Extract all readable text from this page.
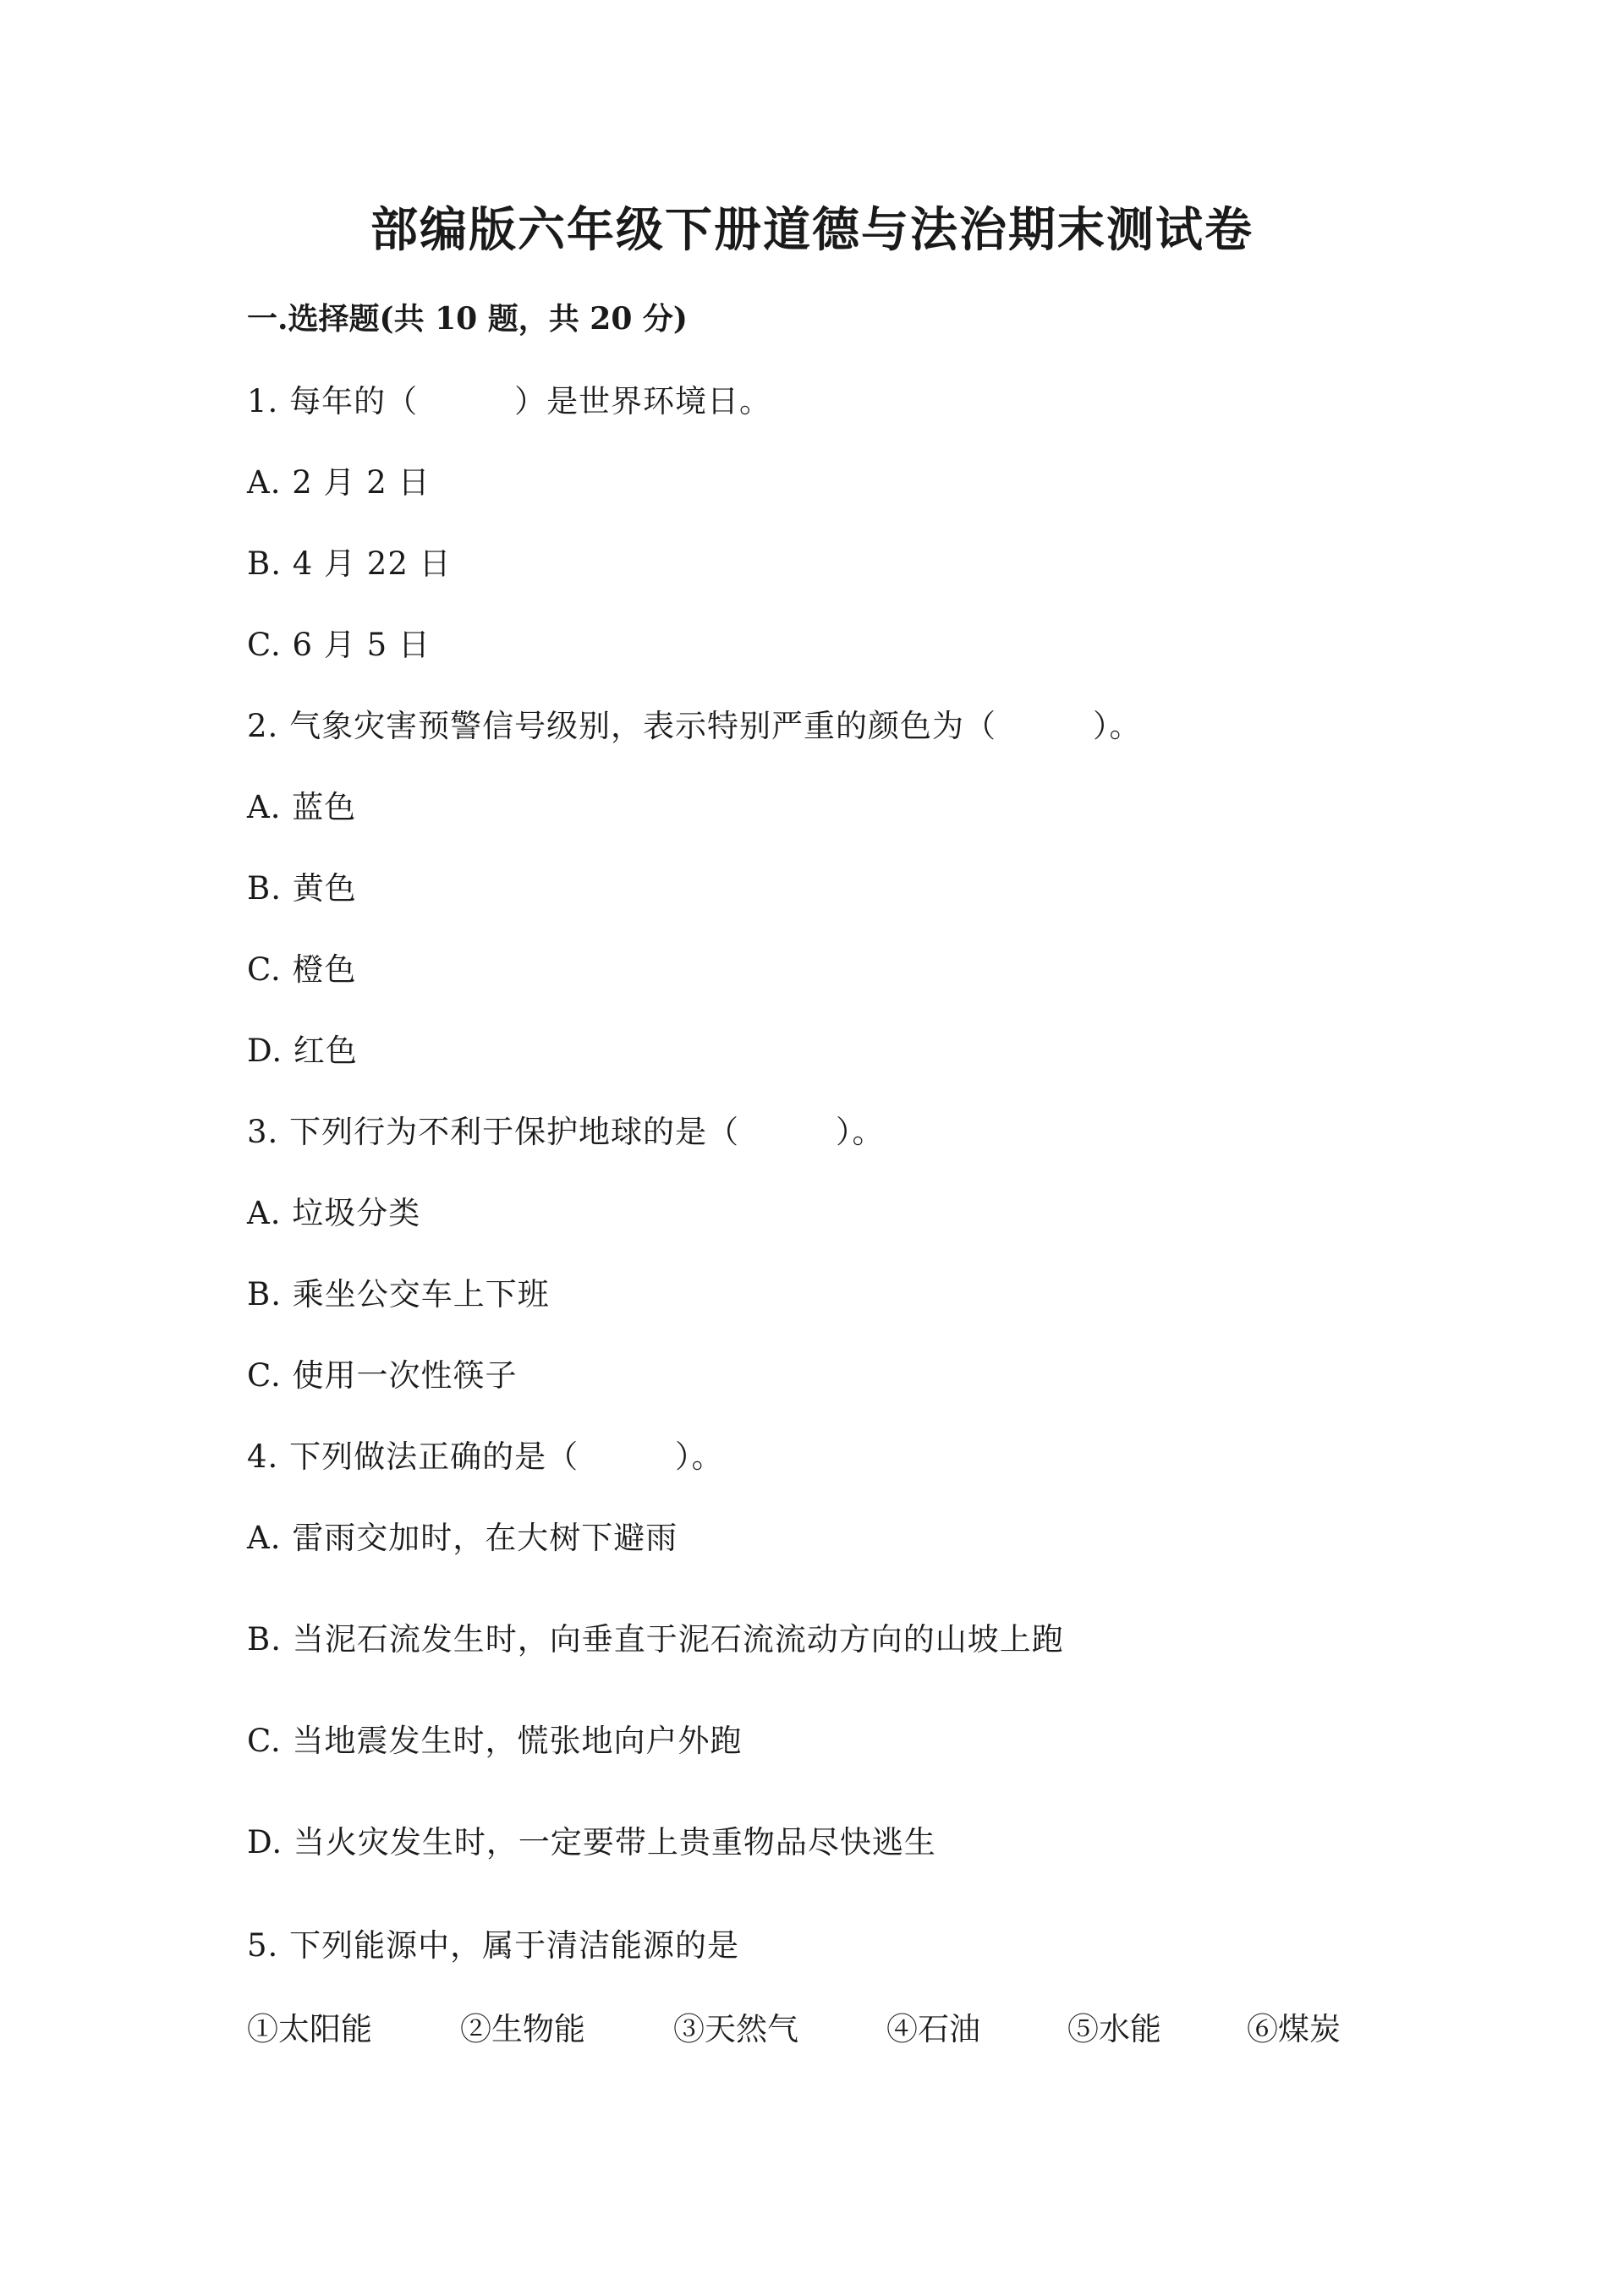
部编版六年级下册道德与法治期末测试卷
一.选择题(共 10 题，共 20 分)
1. 每年的（　　　）是世界环境日。
A. 2 月 2 日
B. 4 月 22 日
C. 6 月 5 日
2. 气象灾害预警信号级别，表示特别严重的颜色为（　　　）。
A. 蓝色
B. 黄色
C. 橙色
D. 红色
3. 下列行为不利于保护地球的是（　　　）。
A. 垃圾分类
B. 乘坐公交车上下班
C. 使用一次性筷子
4. 下列做法正确的是（　　　）。
A. 雷雨交加时，在大树下避雨
B. 当泥石流发生时，向垂直于泥石流流动方向的山坡上跑
C. 当地震发生时，慌张地向户外跑
D. 当火灾发生时，一定要带上贵重物品尽快逃生
5. 下列能源中，属于清洁能源的是
①太阳能	②生物能	③天然气	④石油	⑤水能	⑥煤炭
